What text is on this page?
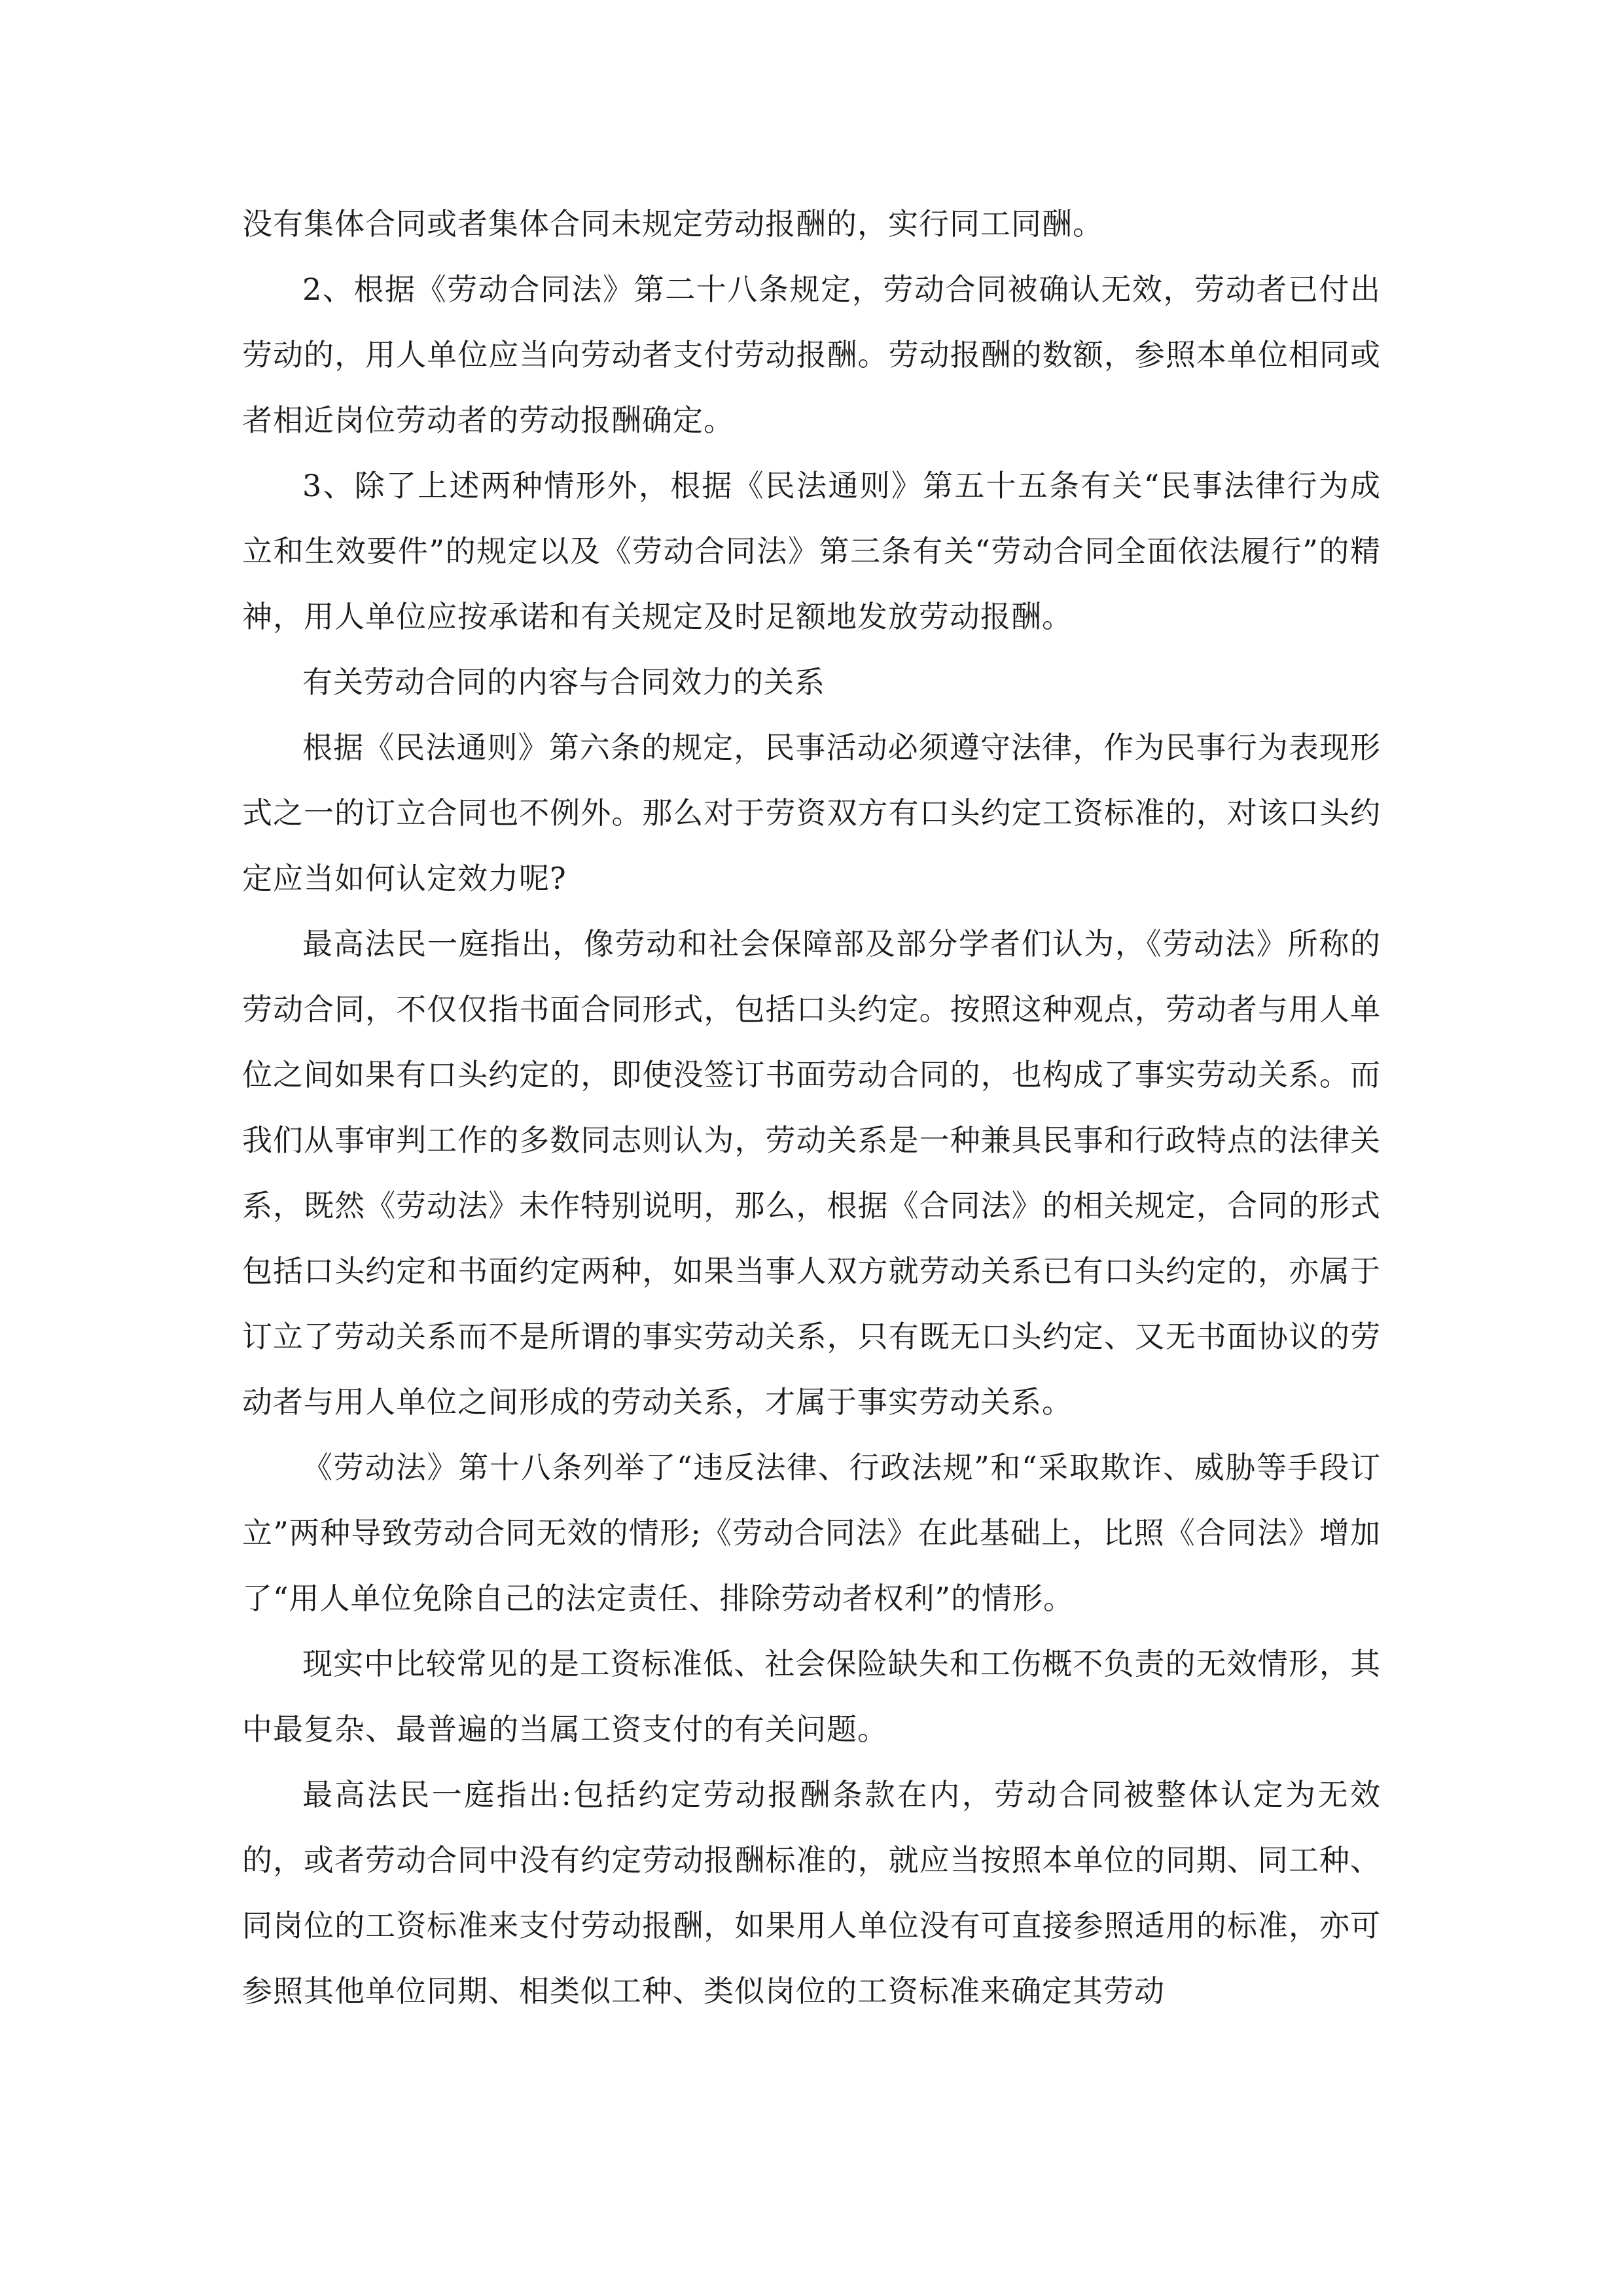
没有集体合同或者集体合同未规定劳动报酬的，实行同工同酬。

2、根据《劳动合同法》第二十八条规定，劳动合同被确认无效，劳动者已付出劳动的，用人单位应当向劳动者支付劳动报酬。劳动报酬的数额，参照本单位相同或者相近岗位劳动者的劳动报酬确定。

3、除了上述两种情形外，根据《民法通则》第五十五条有关“民事法律行为成立和生效要件”的规定以及《劳动合同法》第三条有关“劳动合同全面依法履行”的精神，用人单位应按承诺和有关规定及时足额地发放劳动报酬。

有关劳动合同的内容与合同效力的关系

根据《民法通则》第六条的规定，民事活动必须遵守法律，作为民事行为表现形式之一的订立合同也不例外。那么对于劳资双方有口头约定工资标准的，对该口头约定应当如何认定效力呢?

最高法民一庭指出，像劳动和社会保障部及部分学者们认为，《劳动法》所称的劳动合同，不仅仅指书面合同形式，包括口头约定。按照这种观点，劳动者与用人单位之间如果有口头约定的，即使没签订书面劳动合同的，也构成了事实劳动关系。而我们从事审判工作的多数同志则认为，劳动关系是一种兼具民事和行政特点的法律关系，既然《劳动法》未作特别说明，那么，根据《合同法》的相关规定，合同的形式包括口头约定和书面约定两种，如果当事人双方就劳动关系已有口头约定的，亦属于订立了劳动关系而不是所谓的事实劳动关系，只有既无口头约定、又无书面协议的劳动者与用人单位之间形成的劳动关系，才属于事实劳动关系。

《劳动法》第十八条列举了“违反法律、行政法规”和“采取欺诈、威胁等手段订立”两种导致劳动合同无效的情形;《劳动合同法》在此基础上，比照《合同法》增加了“用人单位免除自己的法定责任、排除劳动者权利”的情形。

现实中比较常见的是工资标准低、社会保险缺失和工伤概不负责的无效情形，其中最复杂、最普遍的当属工资支付的有关问题。

最高法民一庭指出:包括约定劳动报酬条款在内，劳动合同被整体认定为无效的，或者劳动合同中没有约定劳动报酬标准的，就应当按照本单位的同期、同工种、同岗位的工资标准来支付劳动报酬，如果用人单位没有可直接参照适用的标准，亦可参照其他单位同期、相类似工种、类似岗位的工资标准来确定其劳动
